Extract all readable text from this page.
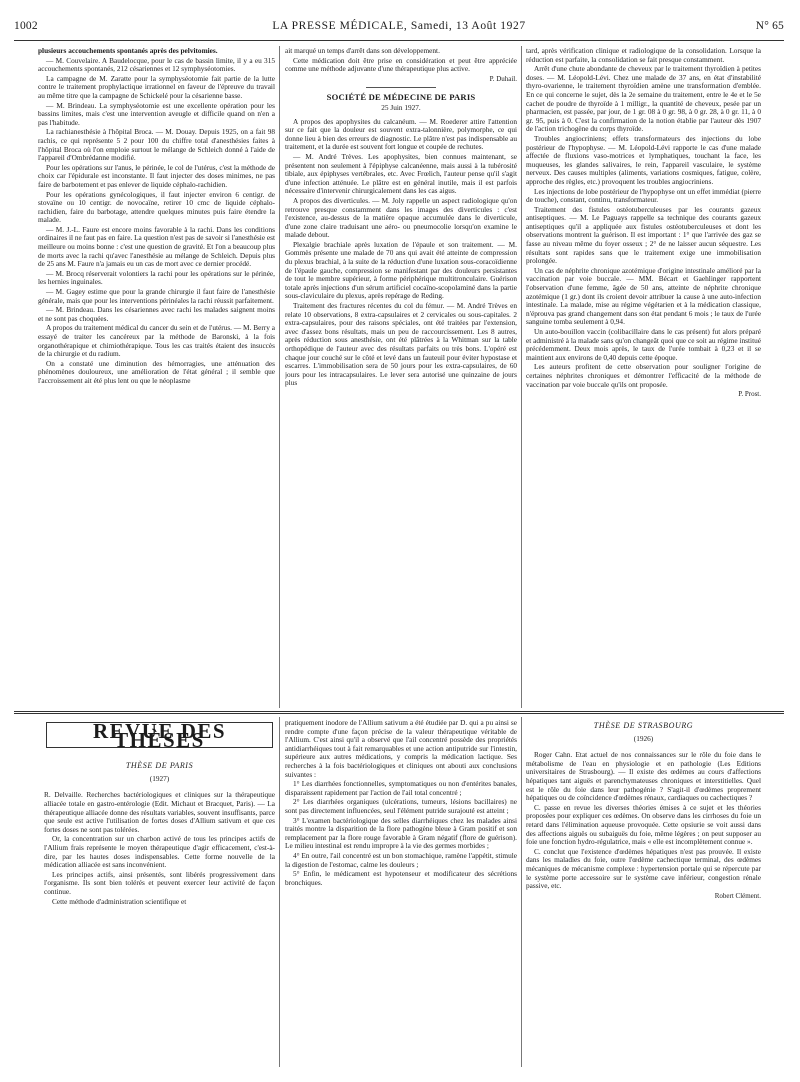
1002	LA PRESSE MÉDICALE, Samedi, 13 Août 1927	N° 65

plusieurs accouchements spontanés après des pelvitomies.

— M. Couvelaire. A Baudelocque, pour le cas de bassin limite, il y a eu 315 accouchements spontanés, 212 césariennes et 12 symphyséotomies.

La campagne de M. Zaratte pour la symphyséotomie fait partie de la lutte contre le traitement prophylactique irrationnel en faveur de l'épreuve du travail au même titre que la campagne de Schickelé pour la césarienne basse.

— M. Brindeau. La symphyséotomie est une excellente opération pour les bassins limites, mais c'est une intervention aveugle et difficile quand on n'en a pas l'habitude.

La rachianesthésie à l'hôpital Broca. — M. Douay. Depuis 1925, on a fait 98 rachis, ce qui représente 5 2 pour 100 du chiffre total d'anesthésies faites à l'hôpital Broca où l'on emploie surtout le mélange de Schleich donné à l'aide de l'appareil d'Ombrédanne modifié.

Pour les opérations sur l'anus, le périnée, le col de l'utérus, c'est la méthode de choix car l'épidurale est inconstante. Il faut injecter des doses minimes, ne pas faire de barbotement et pas enlever de liquide céphalo-rachidien.

Pour les opérations gynécologiques, il faut injecter environ 6 centigr. de stovaïne ou 10 centigr. de novocaïne, retirer 10 cmc de liquide céphalo-rachidien, faire du barbotage, attendre quelques minutes puis faire étendre la malade.

— M. J.-L. Faure est encore moins favorable à la rachi. Dans les conditions ordinaires il ne faut pas en faire. La question n'est pas de savoir si l'anesthésie est meilleure ou moins bonne : c'est une question de gravité. Et l'on a beaucoup plus de morts avec la rachi qu'avec l'anesthésie au mélange de Schleich. Depuis plus de 25 ans M. Faure n'a jamais eu un cas de mort avec ce dernier procédé.

— M. Brocq réserverait volontiers la rachi pour les opérations sur le périnée, les hernies inguinales.

— M. Gagey estime que pour la grande chirurgie il faut faire de l'anesthésie générale, mais que pour les interventions périnéales la rachi réussit parfaitement.

— M. Brindeau. Dans les césariennes avec rachi les malades saignent moins et ne sont pas choquées.

A propos du traitement médical du cancer du sein et de l'utérus. — M. Berry a essayé de traiter les cancéreux par la méthode de Baronski, à la fois organothérapique et chimiothérapique. Tous les cas traités étaient des insuccès de la chirurgie et du radium.

On a constaté une diminution des hémorragies, une atténuation des phénomènes douloureux, une amélioration de l'état général ; il semble que l'accroissement ait été plus lent ou que le néoplasme

ait marqué un temps d'arrêt dans son développement.

Cette médication doit être prise en considération et peut être appréciée comme une méthode adjuvante d'une thérapeutique plus active.

P. Duhail.

SOCIÉTÉ DE MÉDECINE DE PARIS
25 Juin 1927.

A propos des apophysites du calcanéum. — M. Roederer attire l'attention sur ce fait que la douleur est souvent extra-talonnière, polymorphe, ce qui donne lieu à bien des erreurs de diagnostic. Le plâtre n'est pas indispensable au traitement, et la durée est souvent fort longue et coupée de rechutes.

— M. André Trèves. Les apophysites, bien connues maintenant, se présentent non seulement à l'épiphyse calcanéenne, mais aussi à la tubérosité tibiale, aux épiphyses vertébrales, etc. Avec Frœlich, l'auteur pense qu'il s'agit d'une infection atténuée. Le plâtre est en général inutile, mais il est parfois nécessaire d'intervenir chirurgicalement dans les cas aigus.

A propos des diverticules. — M. Joly rappelle un aspect radiologique qu'on retrouve presque constamment dans les images des diverticules : c'est l'existence, au-dessus de la matière opaque accumulée dans le diverticule, d'une zone claire traduisant une aéro- ou pneumocolie lorsqu'on examine le malade debout.

Plexalgie brachiale après luxation de l'épaule et son traitement. — M. Gommès présente une malade de 70 ans qui avait été atteinte de compression du plexus brachial, à la suite de la réduction d'une luxation sous-coracoïdienne de l'épaule gauche, compression se manifestant par des douleurs persistantes de tout le membre supérieur, à forme périphérique multitronculaire. Guérison totale après injections d'un sérum artificiel cocaïno-scopolaminé dans la partie sous-claviculaire du plexus, après repérage de Reding.

Traitement des fractures récentes du col du fémur. — M. André Trèves en relate 10 observations, 8 extra-capsulaires et 2 cervicales ou sous-capitales. 2 extra-capsulaires, pour des raisons spéciales, ont été traitées par l'extension, avec d'assez bons résultats, mais un peu de raccourcissement. Les 8 autres, après réduction sous anesthésie, ont été plâtrées à la Whitman sur la table orthopédique de l'auteur avec des résultats parfaits ou très bons. L'opéré est chaque jour couché sur le côté et levé dans un fauteuil pour éviter hypostase et escarres. L'immobilisation sera de 50 jours pour les extra-capsulaires, de 60 jours pour les intracapsulaires. Le lever sera autorisé une quinzaine de jours plus

tard, après vérification clinique et radiologique de la consolidation. Lorsque la réduction est parfaite, la consolidation se fait presque constamment.

Arrêt d'une chute abondante de cheveux par le traitement thyroïdien à petites doses. — M. Léopold-Lévi. Chez une malade de 37 ans, en état d'instabilité thyro-ovarienne, le traitement thyroïdien amène une transformation d'emblée. En ce qui concerne le sujet, dès la 2e semaine du traitement, entre le 4e et le 5e cachet de poudre de thyroïde à 1 milligr., la quantité de cheveux, pesée par un pharmacien, est passée, par jour, de 1 gr. 08 à 0 gr. 98, à 0 gr. 28, à 0 gr. 11, à 0 gr. 95, puis à 0. C'est la confirmation de la notion établie par l'auteur dès 1907 de l'action trichogène du corps thyroïde.

Troubles angiocriniens; effets transformateurs des injections du lobe postérieur de l'hypophyse. — M. Léopold-Lévi rapporte le cas d'une malade affectée de fluxions vaso-motrices et lymphatiques, touchant la face, les muqueuses, les glandes salivaires, le rein, l'appareil vasculaire, le système nerveux. Des causes multiples (aliments, variations cosmiques, fatigue, colère, approche des règles, etc.) provoquent les troubles angiocriniens.

Les injections de lobe postérieur de l'hypophyse ont un effet immédiat (pierre de touche), constant, continu, transformateur.

Traitement des fistules ostéotuberculeuses par les courants gazeux antiseptiques. — M. Le Paguays rappelle sa technique des courants gazeux antiseptiques qu'il a appliquée aux fistules ostéotuberculeuses et dont les observations montrent la guérison. Il est important : 1° que l'arrivée des gaz se fasse au niveau même du foyer osseux ; 2° de ne laisser aucun séquestre. Les résultats sont rapides sans que le traitement exige une immobilisation prolongée.

Un cas de néphrite chronique azotémique d'origine intestinale amélioré par la vaccination par voie buccale. — MM. Bécart et Gaehlinger rapportent l'observation d'une femme, âgée de 50 ans, atteinte de néphrite chronique azotémique (1 gr.) dont ils croient devoir attribuer la cause à une auto-infection intestinale. La malade, mise au régime végétarien et à la médication classique, n'éprouva pas grand changement dans son état pendant 6 mois ; le taux de l'urée sanguine tomba seulement à 0,94.

Un auto-bouillon vaccin (colibacillaire dans le cas présent) fut alors préparé et administré à la malade sans qu'on changeât quoi que ce soit au régime institué précédemment. Deux mois après, le taux de l'urée tombait à 0,23 et il se maintient aux environs de 0,40 depuis cette époque.

Les auteurs profitent de cette observation pour souligner l'origine de certaines néphrites chroniques et démontrer l'efficacité de la méthode de vaccination par voie buccale qu'ils ont proposée.

P. Prost.

REVUE DES THÈSES
THÈSE DE PARIS
(1927)

R. Delvaille. Recherches bactériologiques et cliniques sur la thérapeutique alliacée totale en gastro-entérologie (Edit. Michaut et Bracquet, Paris). — La thérapeutique alliacée donne des résultats variables, souvent insuffisants, parce que seule est active l'utilisation de fortes doses d'Allium sativum et que ces fortes doses ne sont pas tolérées.

Or, la concentration sur un charbon activé de tous les principes actifs de l'Allium frais représente le moyen thérapeutique d'agir efficacement, c'est-à-dire, par les hautes doses indispensables. Cette forme nouvelle de la médication alliacée est sans inconvénient.

Les principes actifs, ainsi présentés, sont libérés progressivement dans l'organisme. Ils sont bien tolérés et peuvent exercer leur activité de façon continue.

Cette méthode d'administration scientifique et

pratiquement inodore de l'Allium sativum a été étudiée par D. qui a pu ainsi se rendre compte d'une façon précise de la valeur thérapeutique véritable de l'Allium. C'est ainsi qu'il a observé que l'ail concentré possède des propriétés antidiarrhéiques tout à fait remarquables et une action antiputride sur l'intestin, supérieure aux autres médications, y compris la médication lactique. Ses recherches à la fois bactériologiques et cliniques ont abouti aux conclusions suivantes :

1° Les diarrhées fonctionnelles, symptomatiques ou non d'entérites banales, disparaissent rapidement par l'action de l'ail total concentré ;

2° Les diarrhées organiques (ulcérations, tumeurs, lésions bacillaires) ne sont pas directement influencées, seul l'élément putride surajouté est atteint ;

3° L'examen bactériologique des selles diarrhéiques chez les malades ainsi traités montre la disparition de la flore pathogène bleue à Gram positif et son remplacement par la flore rouge favorable à Gram négatif (flore de guérison). Le milieu intestinal est rendu impropre à la vie des germes morbides ;

4° En outre, l'ail concentré est un bon stomachique, ramène l'appétit, stimule la digestion de l'estomac, calme les douleurs ;

5° Enfin, le médicament est hypotenseur et modificateur des sécrétions bronchiques.

THÈSE DE STRASBOURG
(1926)

Roger Cahn. Etat actuel de nos connaissances sur le rôle du foie dans le métabolisme de l'eau en physiologie et en pathologie (Les Editions universitaires de Strasbourg). — Il existe des œdèmes au cours d'affections hépatiques tant aiguës et parenchymateuses chroniques et interstitielles. Quel est le rôle du foie dans leur pathogénie ? S'agit-il d'œdèmes proprement hépatiques ou de coïncidence d'œdèmes rénaux, cardiaques ou cachectiques ?

C. passe en revue les diverses théories émises à ce sujet et les théories proposées pour expliquer ces œdèmes. On observe dans les cirrhoses du foie un retard dans l'élimination aqueuse provoquée. Cette opsiurie se voit aussi dans des affections aiguës ou subaiguës du foie, même légères ; on peut supposer au foie une fonction hydro-régulatrice, mais « elle est incomplètement connue ».

C. conclut que l'existence d'œdèmes hépatiques n'est pas prouvée. Il existe dans les maladies du foie, outre l'œdème cachectique terminal, des œdèmes mécaniques de mécanisme complexe : hypertension portale qui se répercute par le système porte accessoire sur le système cave inférieur, congestion rénale passive, etc.

Robert Clément.
